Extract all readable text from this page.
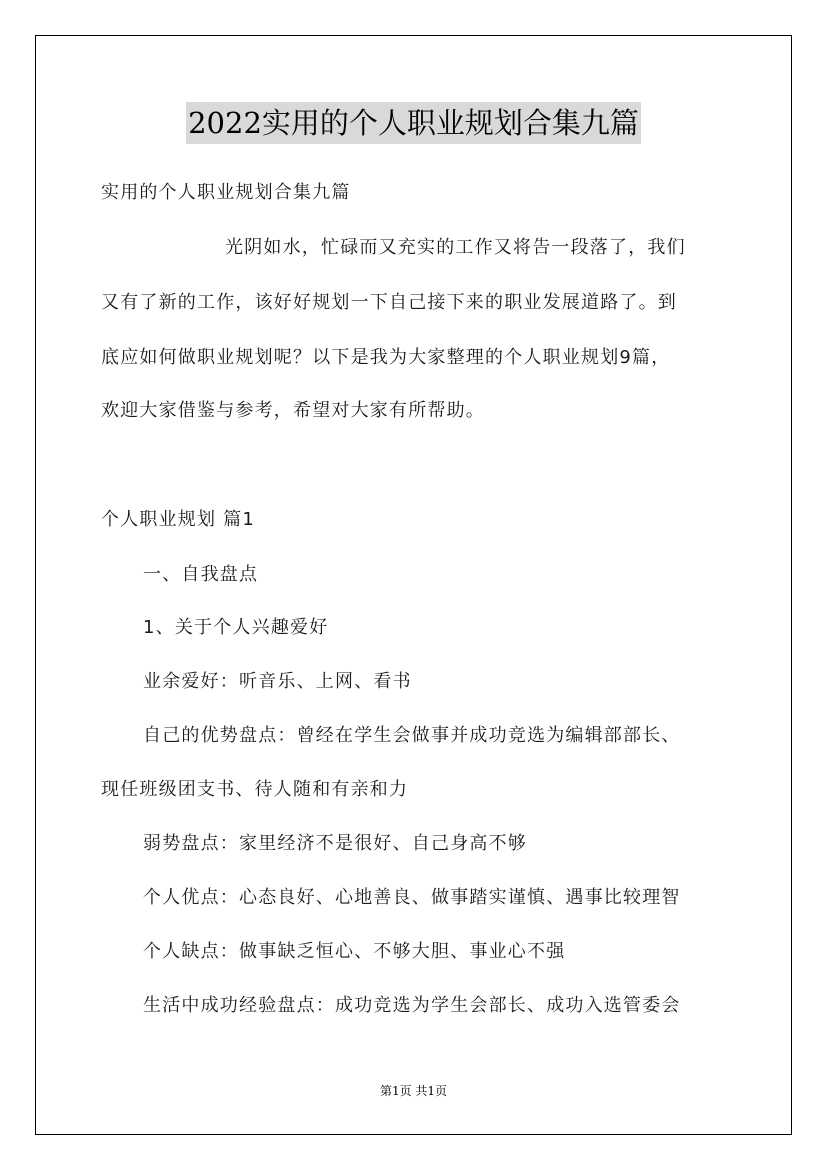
2022实用的个人职业规划合集九篇

实用的个人职业规划合集九篇

光阴如水，忙碌而又充实的工作又将告一段落了，我们

又有了新的工作，该好好规划一下自己接下来的职业发展道路了。到

底应如何做职业规划呢？以下是我为大家整理的个人职业规划9篇，

欢迎大家借鉴与参考，希望对大家有所帮助。

个人职业规划 篇1

一、自我盘点

1、关于个人兴趣爱好

业余爱好：听音乐、上网、看书

自己的优势盘点：曾经在学生会做事并成功竞选为编辑部部长、

现任班级团支书、待人随和有亲和力

弱势盘点：家里经济不是很好、自己身高不够

个人优点：心态良好、心地善良、做事踏实谨慎、遇事比较理智

个人缺点：做事缺乏恒心、不够大胆、事业心不强

生活中成功经验盘点：成功竞选为学生会部长、成功入选管委会

第1页 共1页
